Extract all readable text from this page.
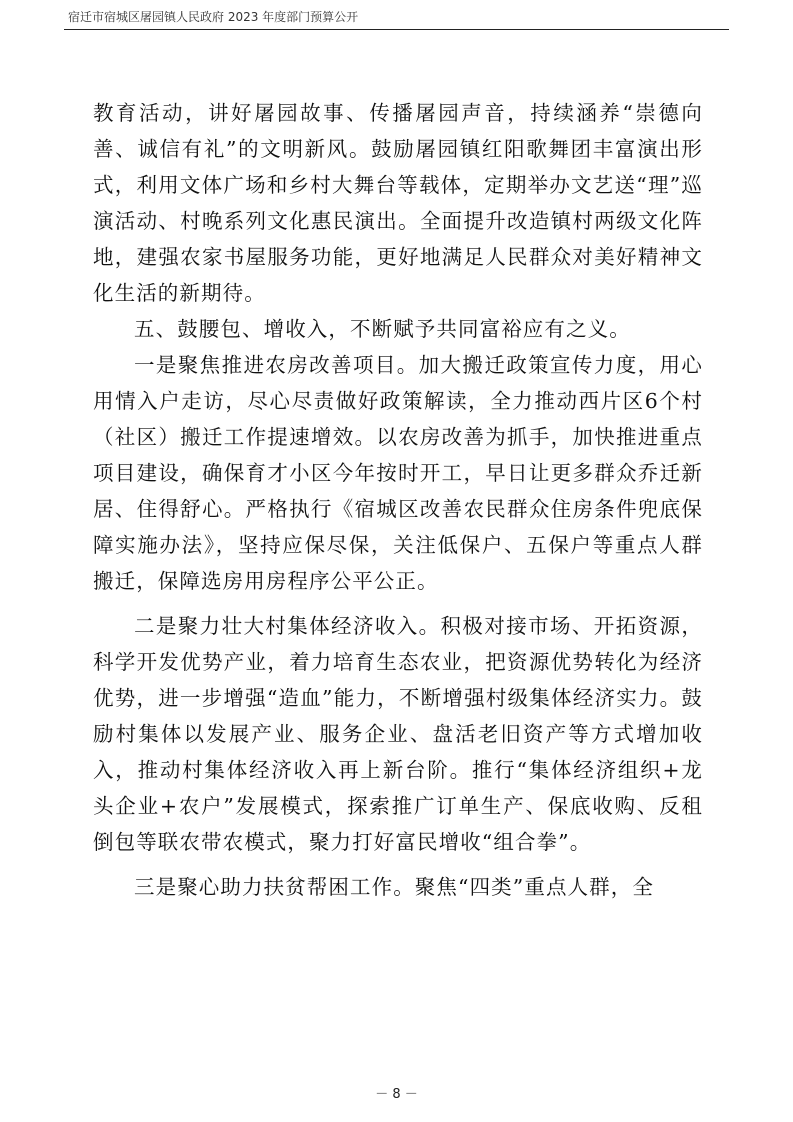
宿迁市宿城区屠园镇人民政府 2023 年度部门预算公开

教育活动，讲好屠园故事、传播屠园声音，持续涵养“崇德向善、诚信有礼”的文明新风。鼓励屠园镇红阳歌舞团丰富演出形式，利用文体广场和乡村大舞台等载体，定期举办文艺送“理”巡演活动、村晚系列文化惠民演出。全面提升改造镇村两级文化阵地，建强农家书屋服务功能，更好地满足人民群众对美好精神文化生活的新期待。

五、鼓腰包、增收入，不断赋予共同富裕应有之义。

一是聚焦推进农房改善项目。加大搬迁政策宣传力度，用心用情入户走访，尽心尽责做好政策解读，全力推动西片区6个村（社区）搬迁工作提速增效。以农房改善为抓手，加快推进重点项目建设，确保育才小区今年按时开工，早日让更多群众乔迁新居、住得舒心。严格执行《宿城区改善农民群众住房条件兜底保障实施办法》，坚持应保尽保，关注低保户、五保户等重点人群搬迁，保障选房用房程序公平公正。

二是聚力壮大村集体经济收入。积极对接市场、开拓资源，科学开发优势产业，着力培育生态农业，把资源优势转化为经济优势，进一步增强“造血”能力，不断增强村级集体经济实力。鼓励村集体以发展产业、服务企业、盘活老旧资产等方式增加收入，推动村集体经济收入再上新台阶。推行“集体经济组织+龙头企业+农户”发展模式，探索推广订单生产、保底收购、反租倒包等联农带农模式，聚力打好富民增收“组合拳”。

三是聚心助力扶贫帮困工作。聚焦“四类”重点人群，全

－ 8 －
